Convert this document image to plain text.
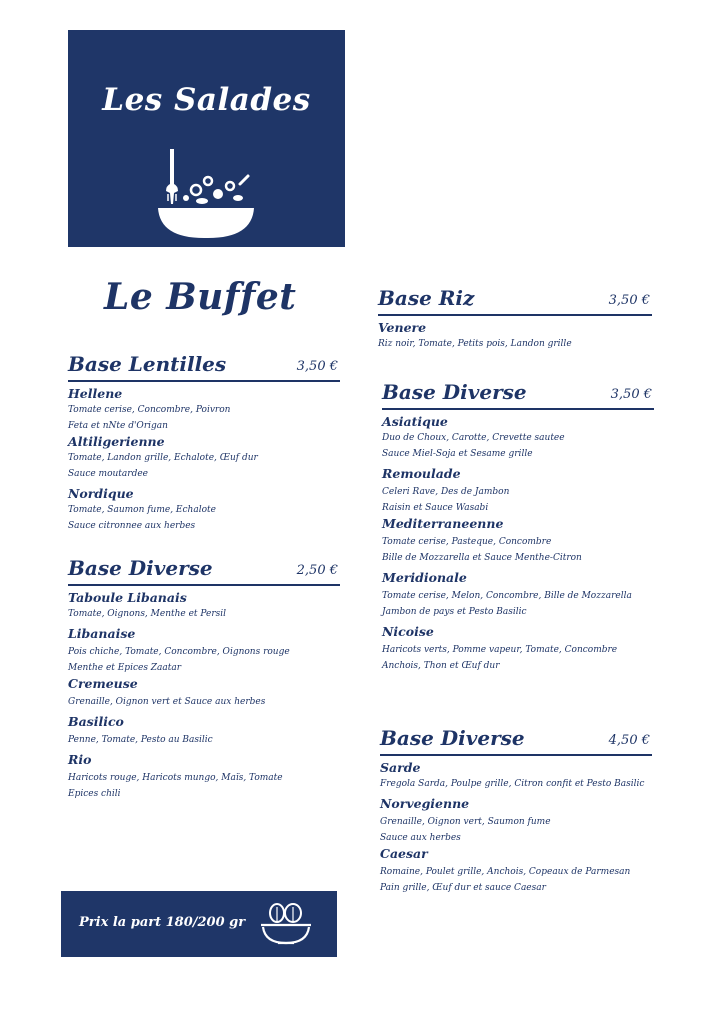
Les Salades
Le Buffet
Base Lentilles	3,50 €
Hellene
Tomate cerise, Concombre, Poivron
Feta et nNte d'Origan
Altiligerienne
Tomate, Landon grille, Echalote, Œuf dur
Sauce moutardee
Nordique
Tomate, Saumon fume, Echalote
Sauce citronnee aux herbes
Base Diverse	2,50 €
Taboule Libanais
Tomate, Oignons, Menthe et Persil
Libanaise
Pois chiche, Tomate, Concombre, Oignons rouge
Menthe et Epices Zaatar
Cremeuse
Grenaille, Oignon vert et Sauce aux herbes
Basilico
Penne, Tomate, Pesto au Basilic
Rio
Haricots rouge, Haricots mungo, Maïs, Tomate
Epices chili
Base Riz	3,50 €
Venere
Riz noir, Tomate, Petits pois, Landon grille
Base Diverse	3,50 €
Asiatique
Duo de Choux, Carotte, Crevette sautee
Sauce Miel-Soja et Sesame grille
Remoulade
Celeri Rave, Des de Jambon
Raisin et Sauce Wasabi
Mediterraneenne
Tomate cerise, Pasteque, Concombre
Bille de Mozzarella et Sauce Menthe-Citron
Meridionale
Tomate cerise, Melon, Concombre, Bille de Mozzarella
Jambon de pays et Pesto Basilic
Nicoise
Haricots verts, Pomme vapeur, Tomate, Concombre
Anchois, Thon et Œuf dur
Base Diverse	4,50 €
Sarde
Fregola Sarda, Poulpe grille, Citron confit et Pesto Basilic
Norvegienne
Grenaille, Oignon vert, Saumon fume
Sauce aux herbes
Caesar
Romaine, Poulet grille, Anchois, Copeaux de Parmesan
Pain grille, Œuf dur et sauce Caesar
Prix la part 180/200 gr
